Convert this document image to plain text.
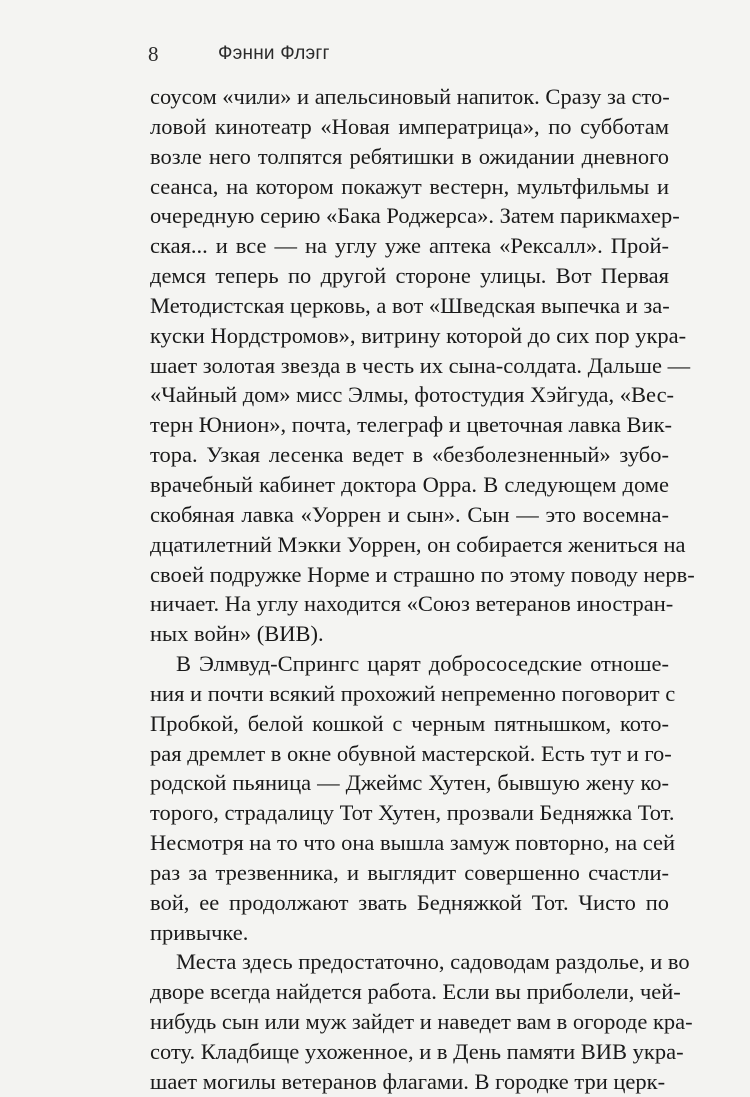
8	Фэнни Флэгг
соусом «чили» и апельсиновый напиток. Сразу за сто-
ловой кинотеатр «Новая императрица», по субботам
возле него толпятся ребятишки в ожидании дневного
сеанса, на котором покажут вестерн, мультфильмы и
очередную серию «Бака Роджерса». Затем парикмахер-
ская... и все — на углу уже аптека «Рексалл». Прой-
демся теперь по другой стороне улицы. Вот Первая
Методистская церковь, а вот «Шведская выпечка и за-
куски Нордстромов», витрину которой до сих пор укра-
шает золотая звезда в честь их сына-солдата. Дальше —
«Чайный дом» мисс Элмы, фотостудия Хэйгуда, «Вес-
терн Юнион», почта, телеграф и цветочная лавка Вик-
тора. Узкая лесенка ведет в «безболезненный» зубо-
врачебный кабинет доктора Орра. В следующем доме
скобяная лавка «Уоррен и сын». Сын — это восемна-
дцатилетний Мэкки Уоррен, он собирается жениться на
своей подружке Норме и страшно по этому поводу нерв-
ничает. На углу находится «Союз ветеранов иностран-
ных войн» (ВИВ).
В Элмвуд-Спрингс царят добрососедские отноше-
ния и почти всякий прохожий непременно поговорит с
Пробкой, белой кошкой с черным пятнышком, кото-
рая дремлет в окне обувной мастерской. Есть тут и го-
родской пьяница — Джеймс Хутен, бывшую жену ко-
торого, страдалицу Тот Хутен, прозвали Бедняжка Тот.
Несмотря на то что она вышла замуж повторно, на сей
раз за трезвенника, и выглядит совершенно счастли-
вой, ее продолжают звать Бедняжкой Тот. Чисто по
привычке.
Места здесь предостаточно, садоводам раздолье, и во
дворе всегда найдется работа. Если вы приболели, чей-
нибудь сын или муж зайдет и наведет вам в огороде кра-
соту. Кладбище ухоженное, и в День памяти ВИВ укра-
шает могилы ветеранов флагами. В городке три церк-
